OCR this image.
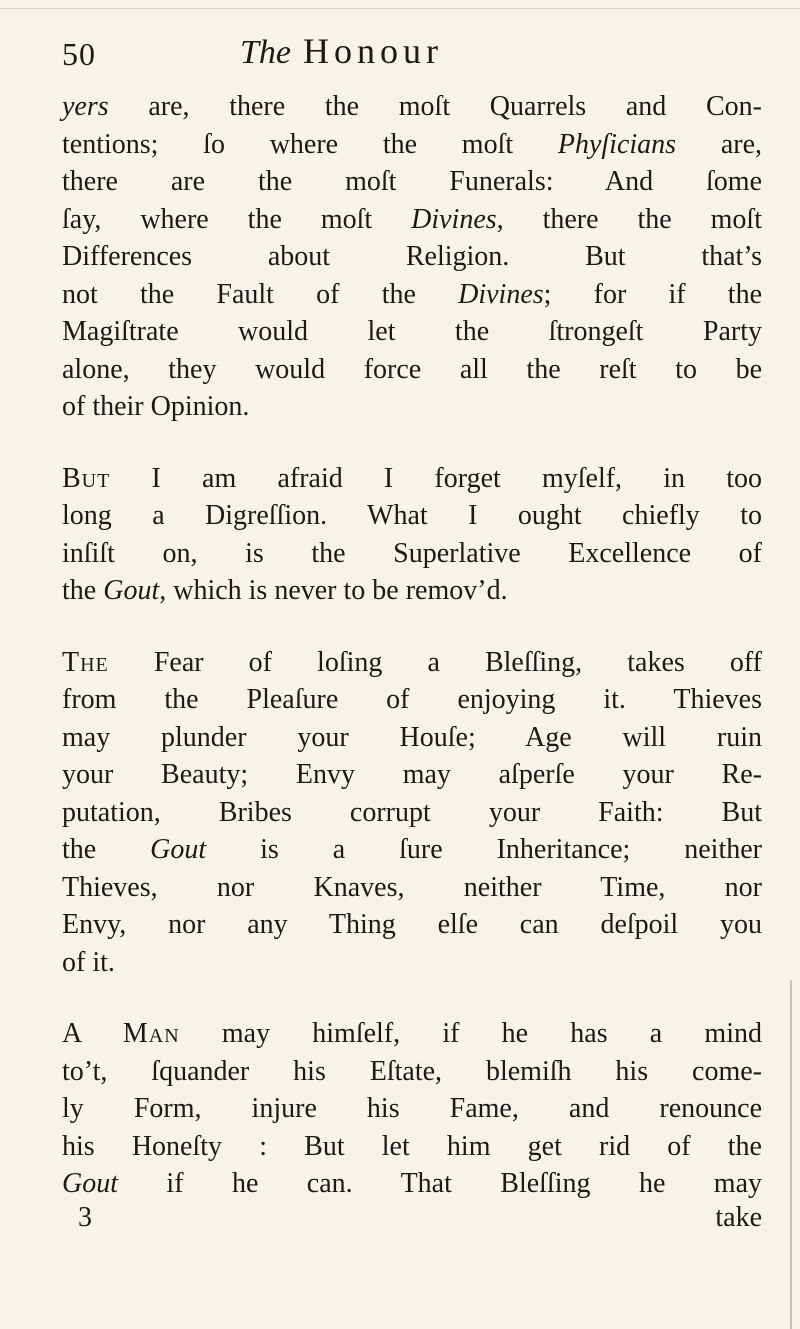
50	The Honour
yers are, there the moſt Quarrels and Con-
tentions; ſo where the moſt Phyſicians are,
there are the moſt Funerals: And ſome
ſay, where the moſt Divines, there the moſt
Differences about Religion. But that’s
not the Fault of the Divines; for if the
Magiſtrate would let the ſtrongeſt Party
alone, they would force all the reſt to be
of their Opinion.
But I am afraid I forget myſelf, in too
long a Digreſſion. What I ought chiefly to
inſiſt on, is the Superlative Excellence of
the Gout, which is never to be remov’d.
The Fear of loſing a Bleſſing, takes off
from the Pleaſure of enjoying it. Thieves
may plunder your Houſe; Age will ruin
your Beauty; Envy may aſperſe your Re-
putation, Bribes corrupt your Faith: But
the Gout is a ſure Inheritance; neither
Thieves, nor Knaves, neither Time, nor
Envy, nor any Thing elſe can deſpoil you
of it.
A Man may himſelf, if he has a mind
to’t, ſquander his Eſtate, blemiſh his come-
ly Form, injure his Fame, and renounce
his Honeſty : But let him get rid of the
Gout if he can. That Bleſſing he may
3	take
